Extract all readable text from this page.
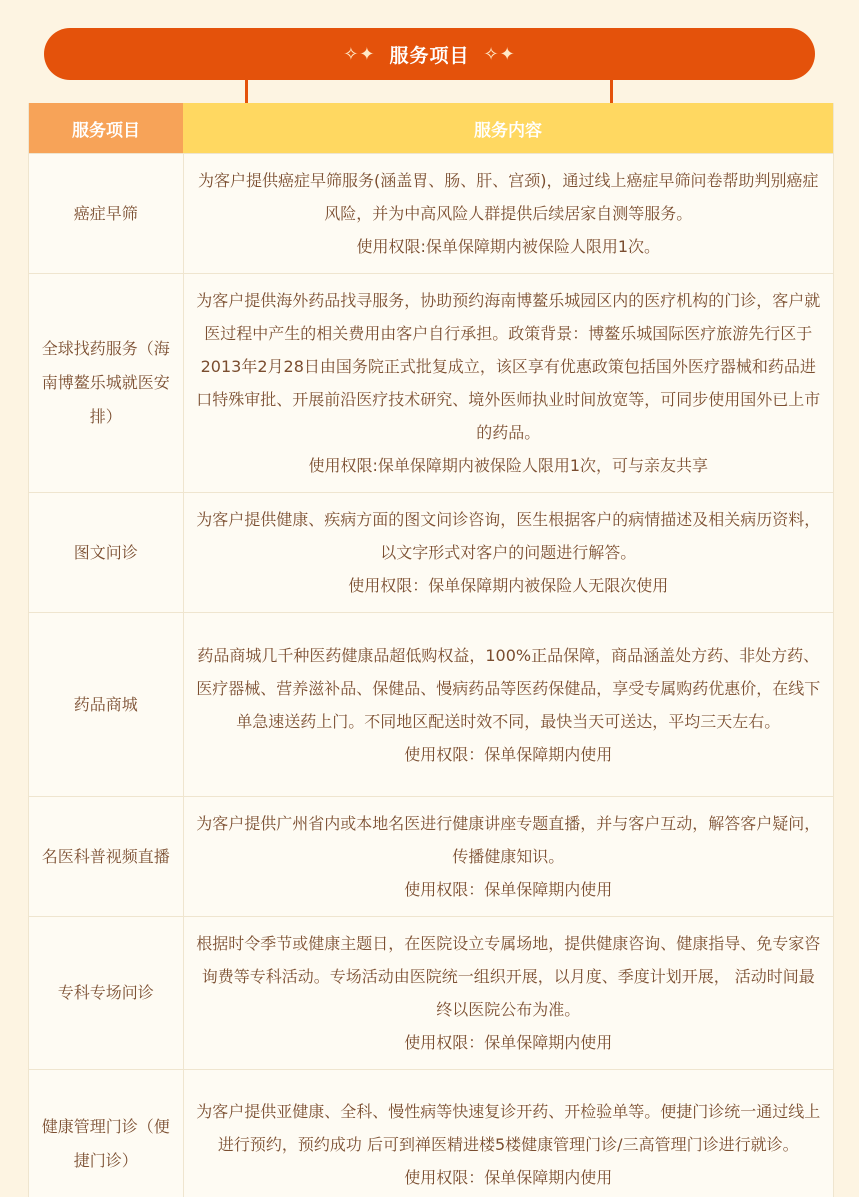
✧✦ 服务项目 ✧✦
服务项目	服务内容
癌症早筛	为客户提供癌症早筛服务(涵盖胃、肠、肝、宫颈)，通过线上癌症早筛问卷帮助判别癌症风险，并为中高风险人群提供后续居家自测等服务。
使用权限:保单保障期内被保险人限用1次。

全球找药服务（海南博鳌乐城就医安排）	为客户提供海外药品找寻服务，协助预约海南博鳌乐城园区内的医疗机构的门诊，客户就医过程中产生的相关费用由客户自行承担。政策背景：博鳌乐城国际医疗旅游先行区于2013年2月28日由国务院正式批复成立，该区享有优惠政策包括国外医疗器械和药品进口特殊审批、开展前沿医疗技术研究、境外医师执业时间放宽等，可同步使用国外已上市的药品。
使用权限:保单保障期内被保险人限用1次，可与亲友共享

图文问诊	为客户提供健康、疾病方面的图文问诊咨询，医生根据客户的病情描述及相关病历资料，以文字形式对客户的问题进行解答。
使用权限：保单保障期内被保险人无限次使用

药品商城	药品商城几千种医药健康品超低购权益，100%正品保障，商品涵盖处方药、非处方药、医疗器械、营养滋补品、保健品、慢病药品等医药保健品，享受专属购药优惠价，在线下单急速送药上门。不同地区配送时效不同，最快当天可送达，平均三天左右。
使用权限：保单保障期内使用

名医科普视频直播	为客户提供广州省内或本地名医进行健康讲座专题直播，并与客户互动，解答客户疑问，传播健康知识。
使用权限：保单保障期内使用

专科专场问诊	根据时令季节或健康主题日，在医院设立专属场地，提供健康咨询、健康指导、免专家咨询费等专科活动。专场活动由医院统一组织开展，以月度、季度计划开展， 活动时间最终以医院公布为准。
使用权限：保单保障期内使用

健康管理门诊（便捷门诊）	为客户提供亚健康、全科、慢性病等快速复诊开药、开检验单等。便捷门诊统一通过线上进行预约，预约成功 后可到禅医精进楼5楼健康管理门诊/三高管理门诊进行就诊。
使用权限：保单保障期内使用
